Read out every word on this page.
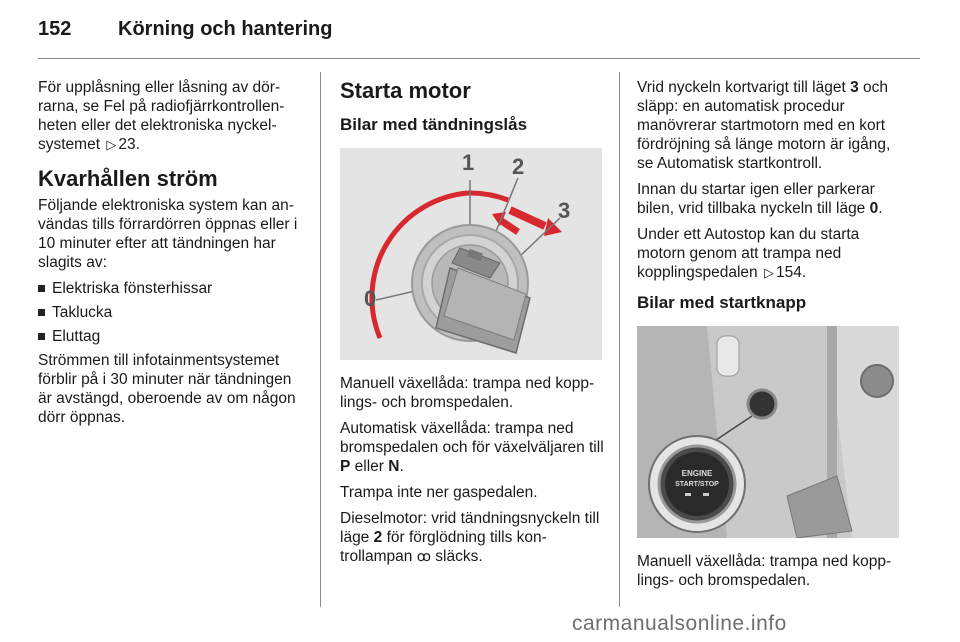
152 Körning och hantering

För upplåsning eller låsning av dör-rarna, se Fel på radiofjärrkontrollen-heten eller det elektroniska nyckel-systemet ▷ 23.

Kvarhållen ström

Följande elektroniska system kan an-vändas tills förrardörren öppnas eller i 10 minuter efter att tändningen har slagits av:

Elektriska fönsterhissar
Taklucka
Eluttag

Strömmen till infotainmentsystemet förblir på i 30 minuter när tändningen är avstängd, oberoende av om någon dörr öppnas.

Starta motor
Bilar med tändningslås
0
1 2
3

Manuell växellåda: trampa ned kopp-lings- och bromspedalen.

Automatisk växellåda: trampa ned bromspedalen och för växelväljaren till P eller N.

Trampa inte ner gaspedalen.

Dieselmotor: vrid tändningsnyckeln till läge 2 för förglödning tills kon-trollampan ꝏ släcks.

Vrid nyckeln kortvarigt till läget 3 och släpp: en automatisk procedur manövrerar startmotorn med en kort fördröjning så länge motorn är igång, se Automatisk startkontroll.

Innan du startar igen eller parkerar bilen, vrid tillbaka nyckeln till läge 0.

Under ett Autostop kan du starta motorn genom att trampa ned kopplingspedalen ▷ 154.

Bilar med startknapp
ENGINE
START/STOP

Manuell växellåda: trampa ned kopp-lings- och bromspedalen.

carmanualsonline.info
